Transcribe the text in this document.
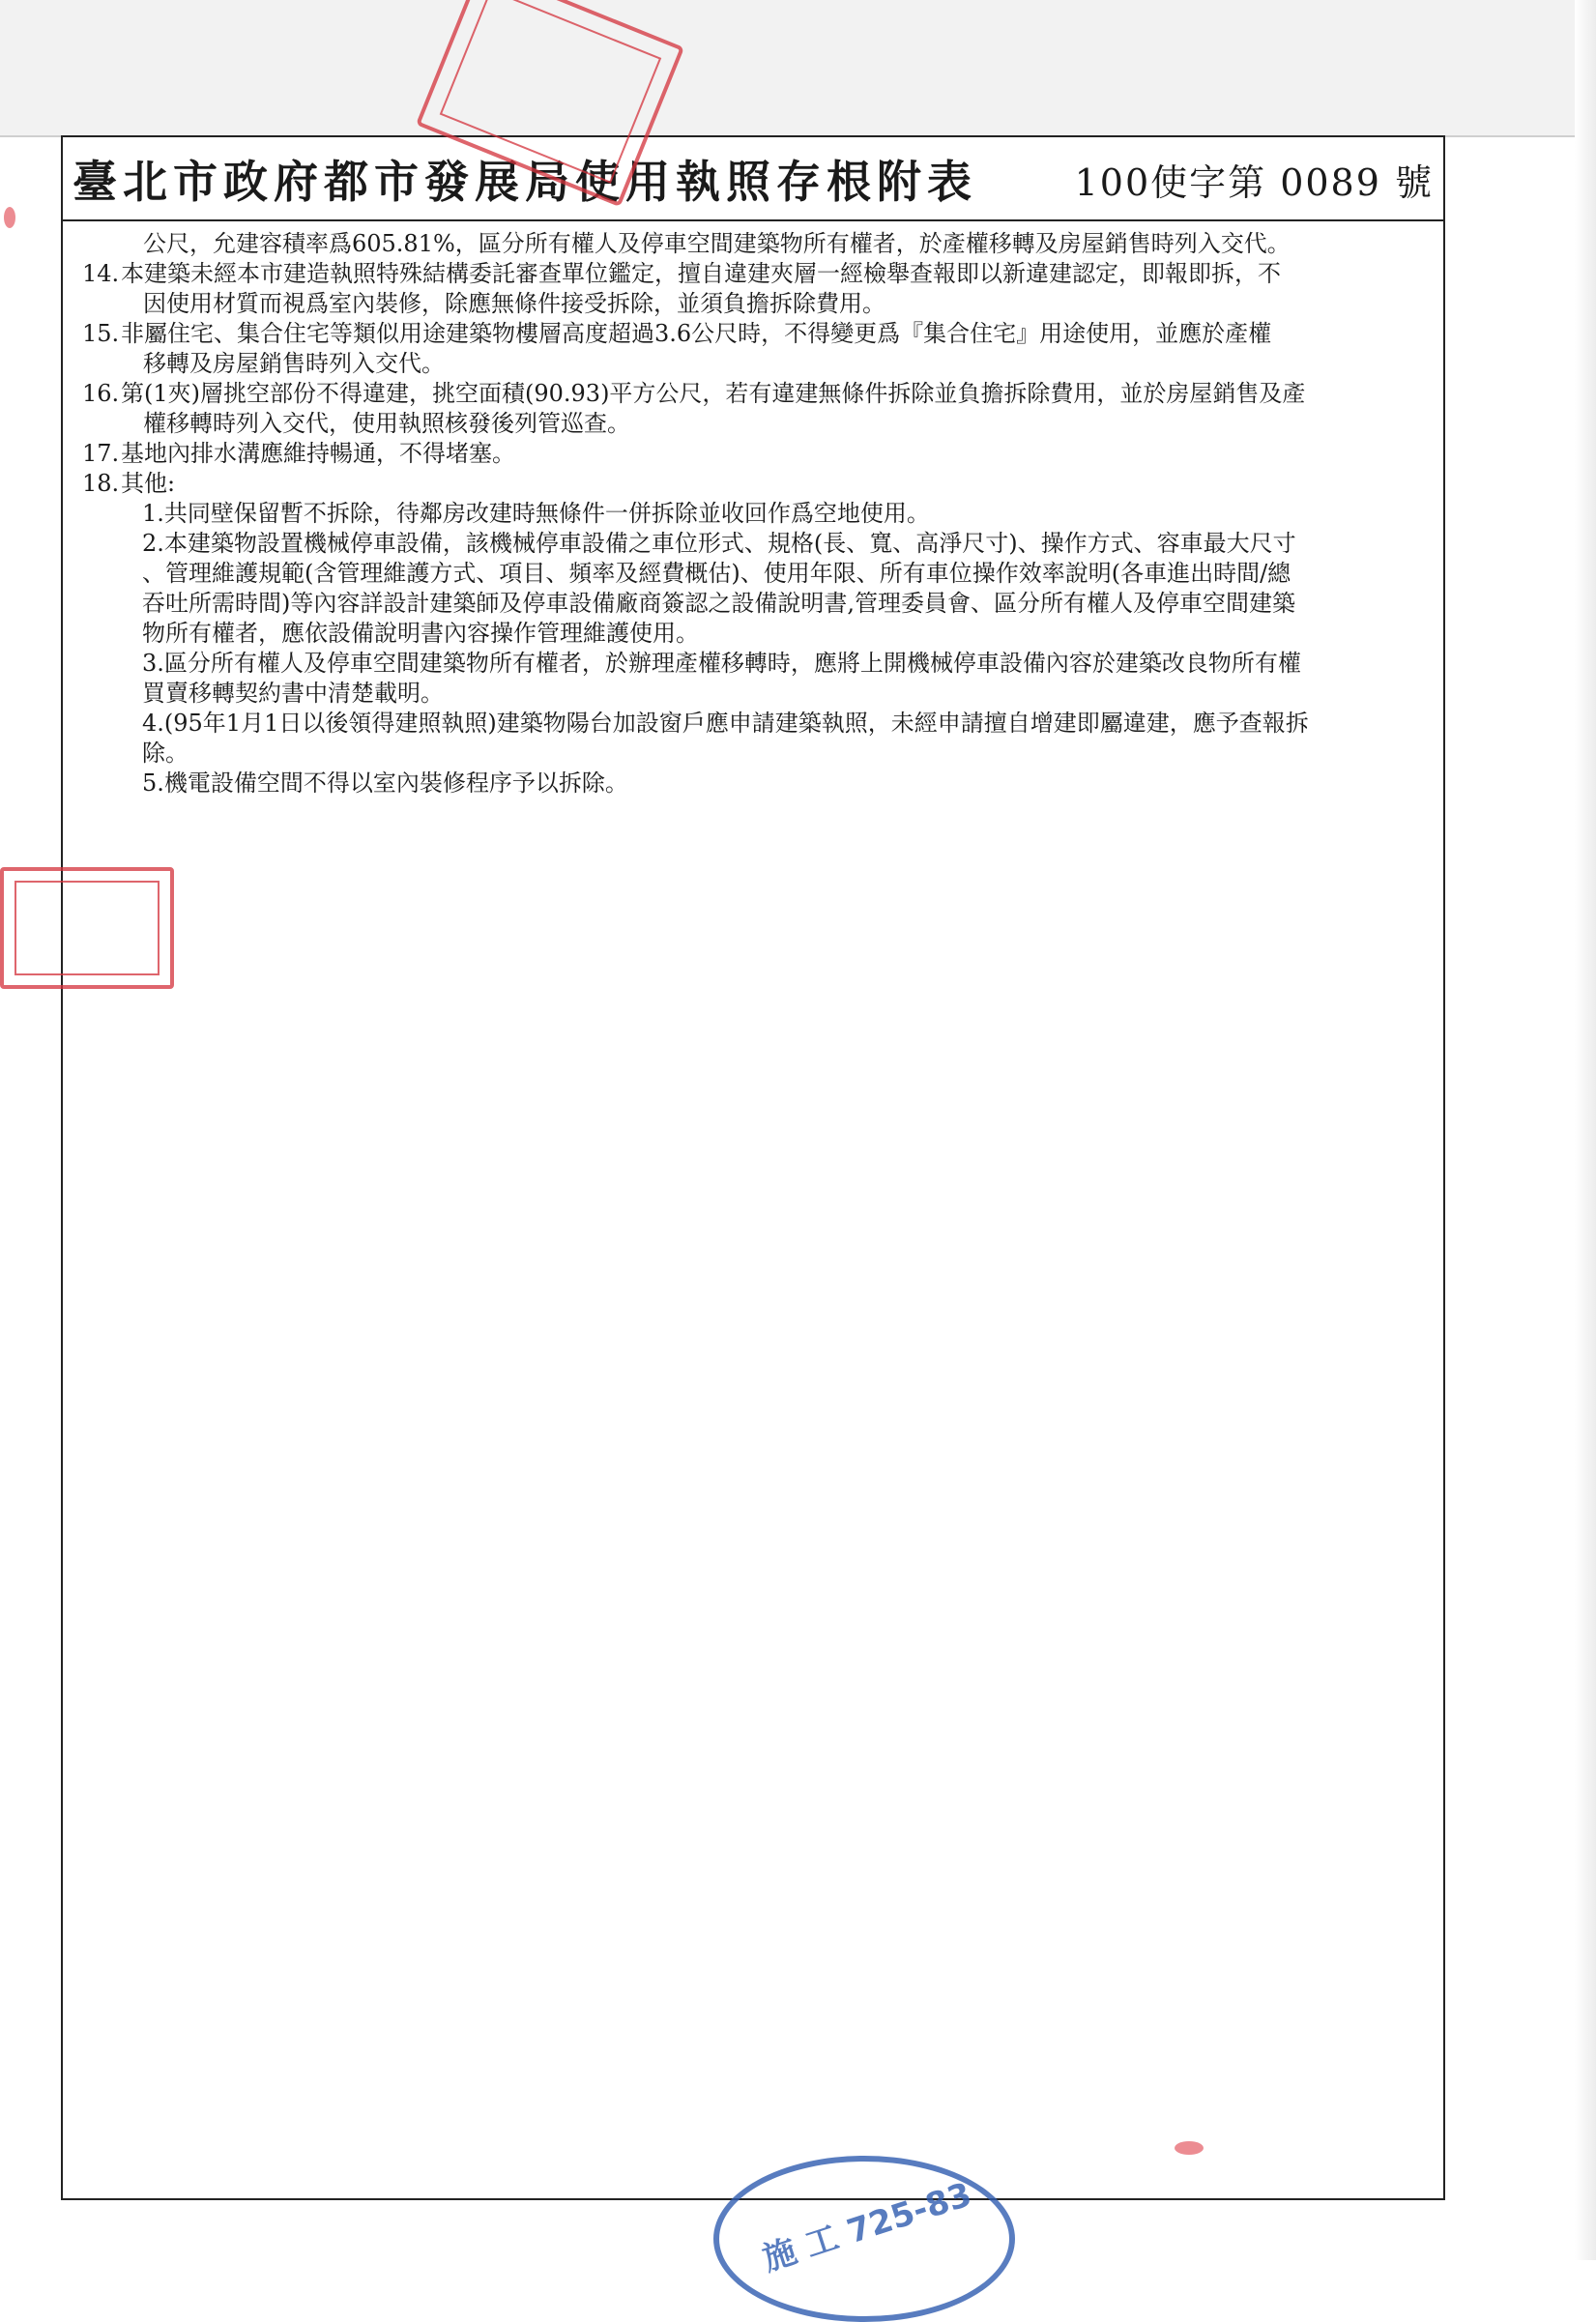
臺北市政府都市發展局使用執照存根附表	100使字第 0089 號
公尺，允建容積率爲605.81%，區分所有權人及停車空間建築物所有權者，於產權移轉及房屋銷售時列入交代。
14.本建築未經本市建造執照特殊結構委託審查單位鑑定，擅自違建夾層一經檢舉查報即以新違建認定，即報即拆，不
因使用材質而視爲室內裝修，除應無條件接受拆除，並須負擔拆除費用。
15.非屬住宅、集合住宅等類似用途建築物樓層高度超過3.6公尺時，不得變更爲『集合住宅』用途使用，並應於產權
移轉及房屋銷售時列入交代。
16.第(1夾)層挑空部份不得違建，挑空面積(90.93)平方公尺，若有違建無條件拆除並負擔拆除費用，並於房屋銷售及產
權移轉時列入交代，使用執照核發後列管巡查。
17.基地內排水溝應維持暢通，不得堵塞。
18.其他:
1.共同壁保留暫不拆除，待鄰房改建時無條件一併拆除並收回作爲空地使用。
2.本建築物設置機械停車設備，該機械停車設備之車位形式、規格(長、寬、高淨尺寸)、操作方式、容車最大尺寸
、管理維護規範(含管理維護方式、項目、頻率及經費概估)、使用年限、所有車位操作效率說明(各車進出時間/總
吞吐所需時間)等內容詳設計建築師及停車設備廠商簽認之設備說明書,管理委員會、區分所有權人及停車空間建築
物所有權者，應依設備說明書內容操作管理維護使用。
3.區分所有權人及停車空間建築物所有權者，於辦理產權移轉時，應將上開機械停車設備內容於建築改良物所有權
買賣移轉契約書中清楚載明。
4.(95年1月1日以後領得建照執照)建築物陽台加設窗戶應申請建築執照，未經申請擅自增建即屬違建，應予查報拆
除。
5.機電設備空間不得以室內裝修程序予以拆除。
施 工 725-83
